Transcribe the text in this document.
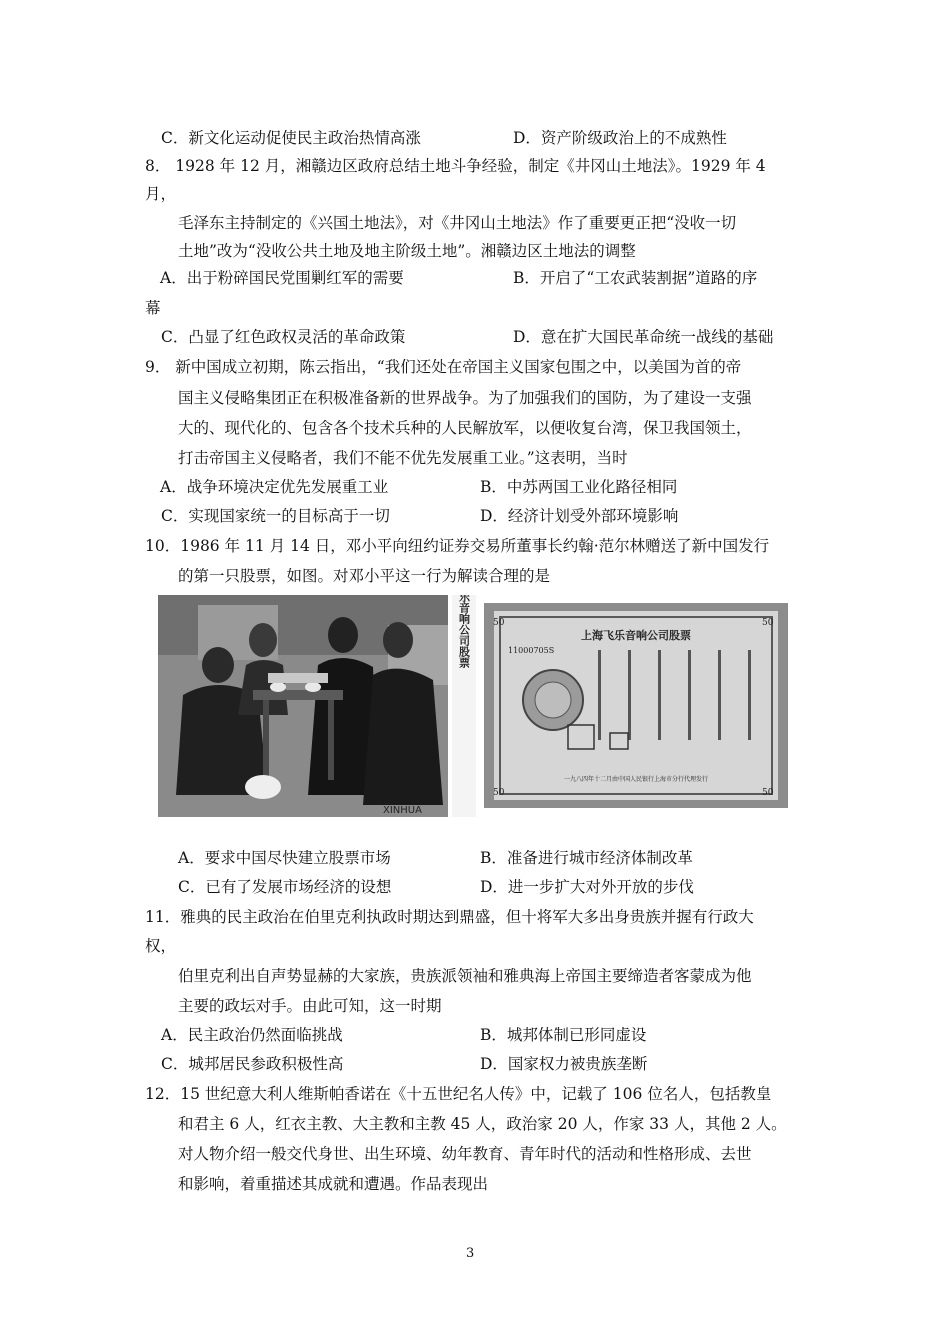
C．新文化运动促使民主政治热情高涨	D．资产阶级政治上的不成熟性
8． 1928 年 12 月，湘赣边区政府总结土地斗争经验，制定《井冈山土地法》。1929 年 4
月，
毛泽东主持制定的《兴国土地法》，对《井冈山土地法》作了重要更正把“没收一切
土地”改为“没收公共土地及地主阶级土地”。湘赣边区土地法的调整
A．出于粉碎国民党围剿红军的需要	B．开启了“工农武装割据”道路的序
幕
C．凸显了红色政权灵活的革命政策	D．意在扩大国民革命统一战线的基础
9． 新中国成立初期，陈云指出，“我们还处在帝国主义国家包围之中，以美国为首的帝
国主义侵略集团正在积极准备新的世界战争。为了加强我们的国防，为了建设一支强
大的、现代化的、包含各个技术兵种的人民解放军，以便收复台湾，保卫我国领土，
打击帝国主义侵略者，我们不能不优先发展重工业。”这表明，当时
A．战争环境决定优先发展重工业	B．中苏两国工业化路径相同
C．实现国家统一的目标高于一切	D．经济计划受外部环境影响
10．1986 年 11 月 14 日，邓小平向纽约证券交易所董事长约翰·范尔林赠送了新中国发行
的第一只股票，如图。对邓小平这一行为解读合理的是
XINHUA
上海飞乐音响公司股票	上海飞乐音响公司股票
11000705S
50	50
50	50
一九八四年十二月由中国人民银行上海市分行代理发行
A．要求中国尽快建立股票市场	B．准备进行城市经济体制改革
C．已有了发展市场经济的设想	D．进一步扩大对外开放的步伐
11．雅典的民主政治在伯里克利执政时期达到鼎盛，但十将军大多出身贵族并握有行政大
权，
伯里克利出自声势显赫的大家族，贵族派领袖和雅典海上帝国主要缔造者客蒙成为他
主要的政坛对手。由此可知，这一时期
A．民主政治仍然面临挑战	B．城邦体制已形同虚设
C．城邦居民参政积极性高	D．国家权力被贵族垄断
12．15 世纪意大利人维斯帕香诺在《十五世纪名人传》中，记载了 106 位名人，包括教皇
和君主 6 人，红衣主教、大主教和主教 45 人，政治家 20 人，作家 33 人，其他 2 人。
对人物介绍一般交代身世、出生环境、幼年教育、青年时代的活动和性格形成、去世
和影响，着重描述其成就和遭遇。作品表现出
3
